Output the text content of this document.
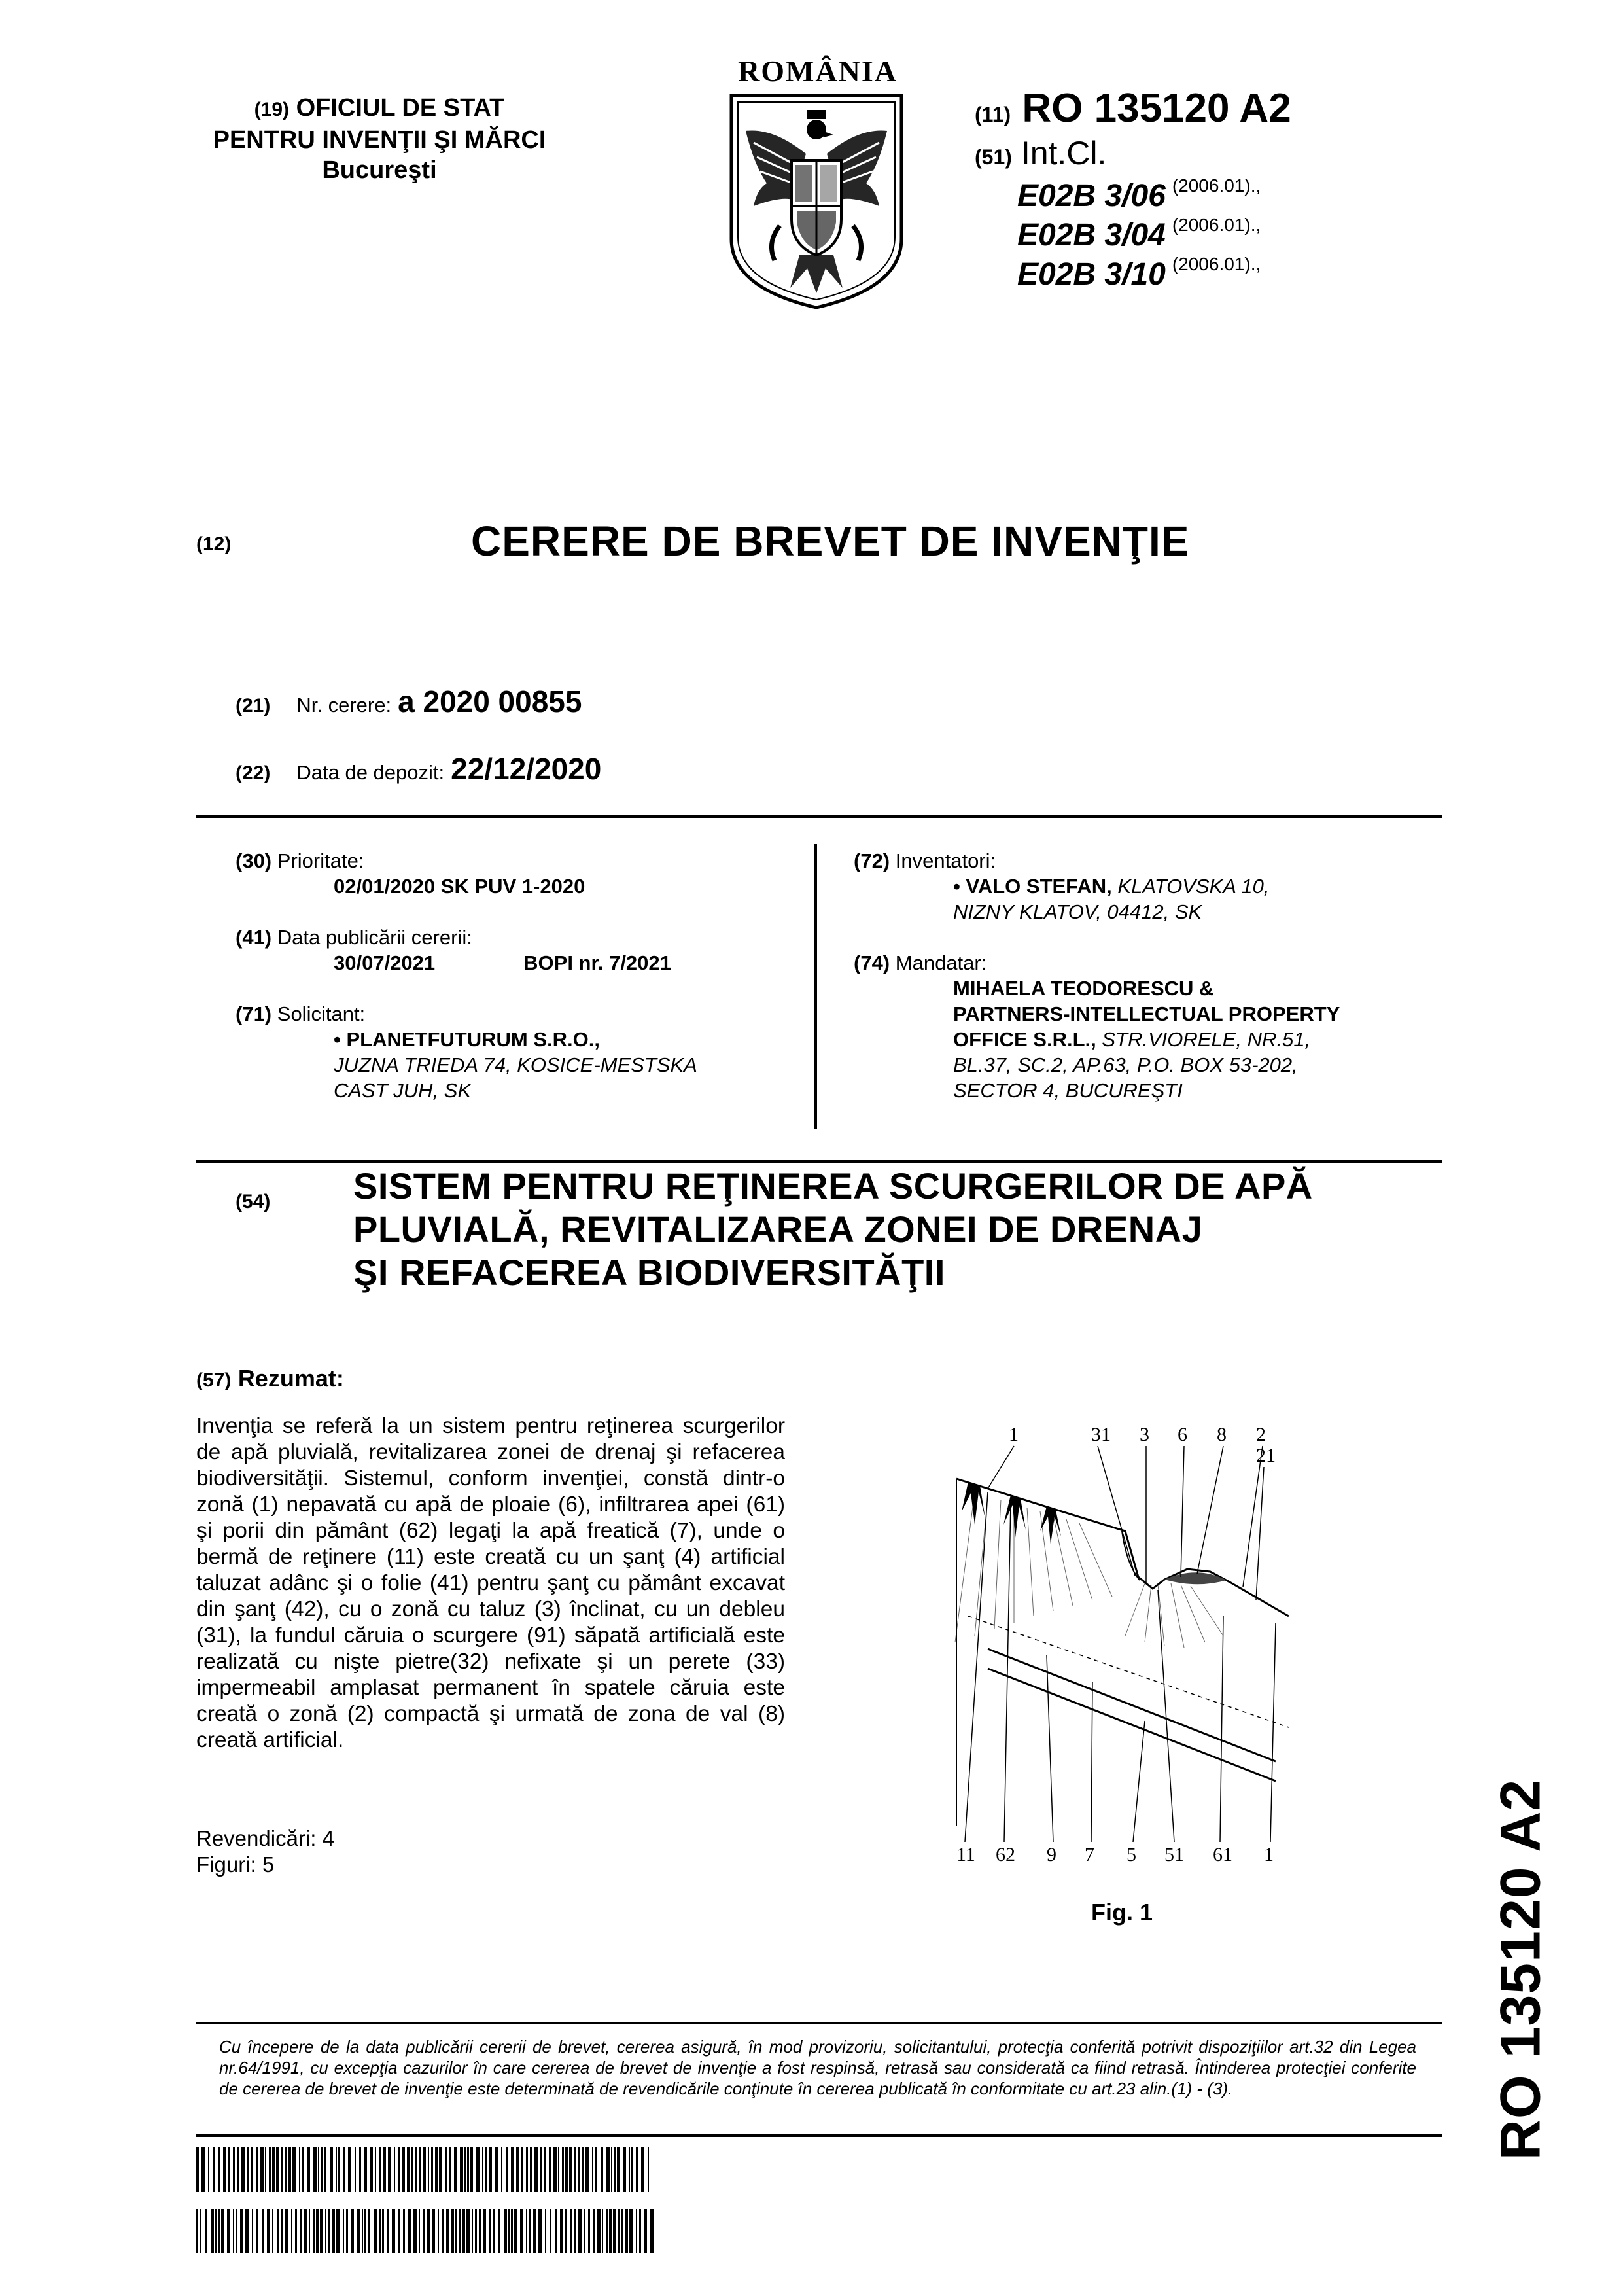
(19) OFICIUL DE STAT
PENTRU INVENŢII ŞI MĂRCI
Bucureşti
ROMÂNIA
(11) RO 135120 A2
(51) Int.Cl.
E02B 3/06 $^{(2006.01).,}$
E02B 3/04 $^{(2006.01).,}$
E02B 3/10 $^{(2006.01).,}$
(12)	CERERE DE BREVET DE INVENŢIE
(21) Nr. cerere: a 2020 00855
(22) Data de depozit: 22/12/2020
(30) Prioritate:
02/01/2020 SK PUV 1-2020
(41) Data publicării cererii:
30/07/2021	BOPI nr. 7/2021
(71) Solicitant:
• PLANETFUTURUM S.R.O.,
JUZNA TRIEDA 74, KOSICE-MESTSKA
CAST JUH, SK
(72) Inventatori:
• VALO STEFAN, KLATOVSKA 10,
NIZNY KLATOV, 04412, SK
(74) Mandatar:
MIHAELA TEODORESCU &
PARTNERS-INTELLECTUAL PROPERTY
OFFICE S.R.L., STR.VIORELE, NR.51,
BL.37, SC.2, AP.63, P.O. BOX 53-202,
SECTOR 4, BUCUREŞTI
(54) SISTEM PENTRU REŢINEREA SCURGERILOR DE APĂ
PLUVIALĂ, REVITALIZAREA ZONEI DE DRENAJ
ŞI REFACEREA BIODIVERSITĂŢII
(57) Rezumat:
Invenţia se referă la un sistem pentru reţinerea scurgerilor de apă pluvială, revitalizarea zonei de drenaj şi refacerea biodiversităţii. Sistemul, conform invenţiei, constă dintr-o zonă (1) nepavată cu apă de ploaie (6), infiltrarea apei (61) şi porii din pământ (62) legaţi la apă freatică (7), unde o bermă de reţinere (11) este creată cu un şanţ (4) artificial taluzat adânc şi o folie (41) pentru şanţ cu pământ excavat din şanţ (42), cu o zonă cu taluz (3) înclinat, cu un debleu (31), la fundul căruia o scurgere (91) săpată artificială este realizată cu nişte pietre(32) nefixate şi un perete (33) impermeabil amplasat permanent în spatele căruia este creată o zonă (2) compactă şi urmată de zona de val (8) creată artificial.
Revendicări: 4
Figuri: 5
1	31 3 6 8 2
21
11 62 9 7 5 51 61 1
Fig. 1	RO 135120 A2
Cu începere de la data publicării cererii de brevet, cererea asigură, în mod provizoriu, solicitantului, protecţia conferită potrivit dispoziţiilor art.32 din Legea nr.64/1991, cu excepţia cazurilor în care cererea de brevet de invenţie a fost respinsă, retrasă sau considerată ca fiind retrasă. Întinderea protecţiei conferite de cererea de brevet de invenţie este determinată de revendicările conţinute în cererea publicată în conformitate cu art.23 alin.(1) - (3).
